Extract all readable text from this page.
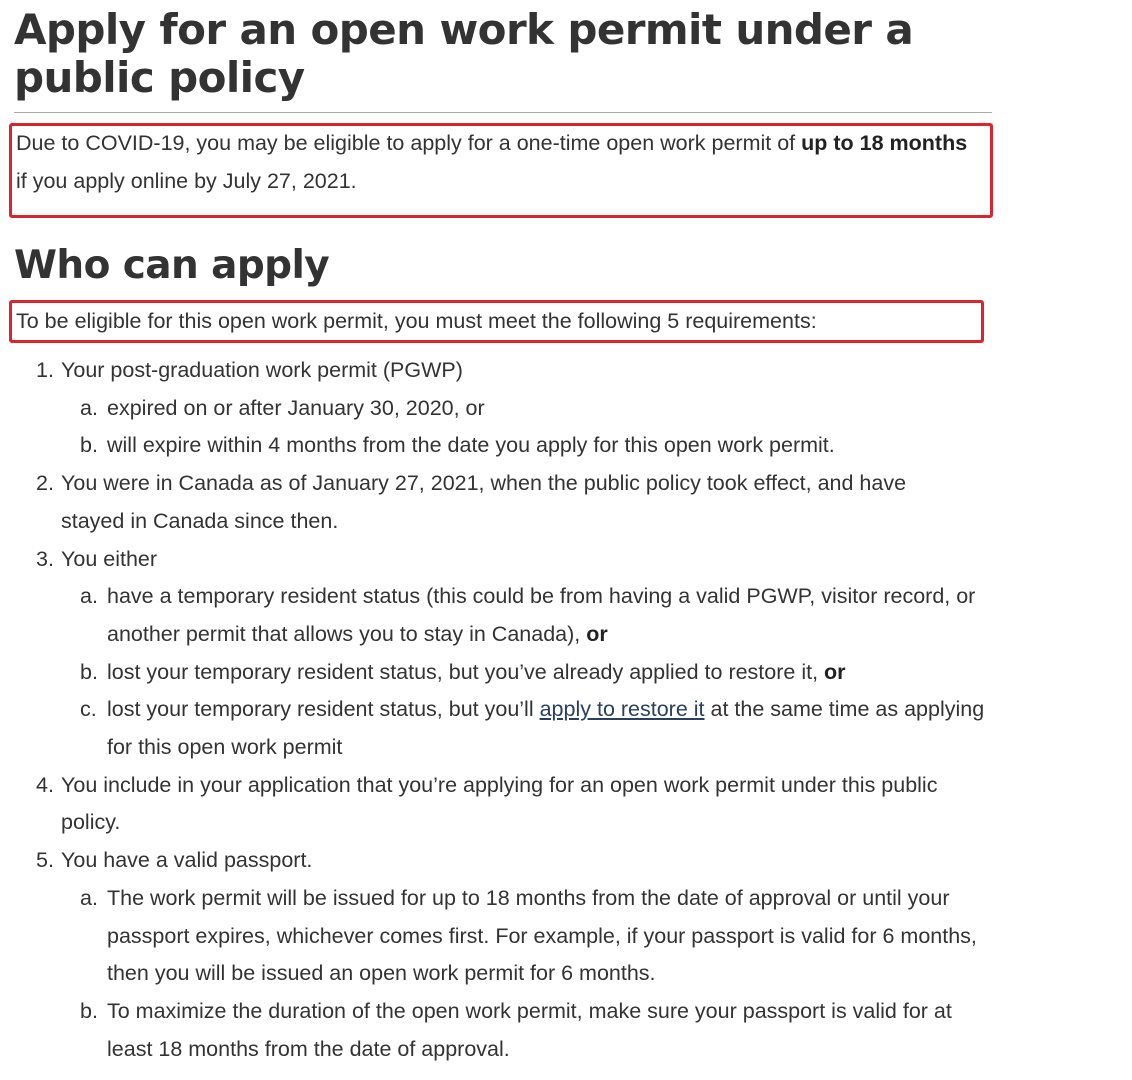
Apply for an open work permit under a public policy

Due to COVID-19, you may be eligible to apply for a one-time open work permit of up to 18 months if you apply online by July 27, 2021.

Who can apply

To be eligible for this open work permit, you must meet the following 5 requirements:

1. Your post-graduation work permit (PGWP)
a. expired on or after January 30, 2020, or
b. will expire within 4 months from the date you apply for this open work permit.
2. You were in Canada as of January 27, 2021, when the public policy took effect, and have stayed in Canada since then.
3. You either
a. have a temporary resident status (this could be from having a valid PGWP, visitor record, or another permit that allows you to stay in Canada), or
b. lost your temporary resident status, but you’ve already applied to restore it, or
c. lost your temporary resident status, but you’ll apply to restore it at the same time as applying for this open work permit
4. You include in your application that you’re applying for an open work permit under this public policy.
5. You have a valid passport.
a. The work permit will be issued for up to 18 months from the date of approval or until your passport expires, whichever comes first. For example, if your passport is valid for 6 months, then you will be issued an open work permit for 6 months.
b. To maximize the duration of the open work permit, make sure your passport is valid for at least 18 months from the date of approval.
